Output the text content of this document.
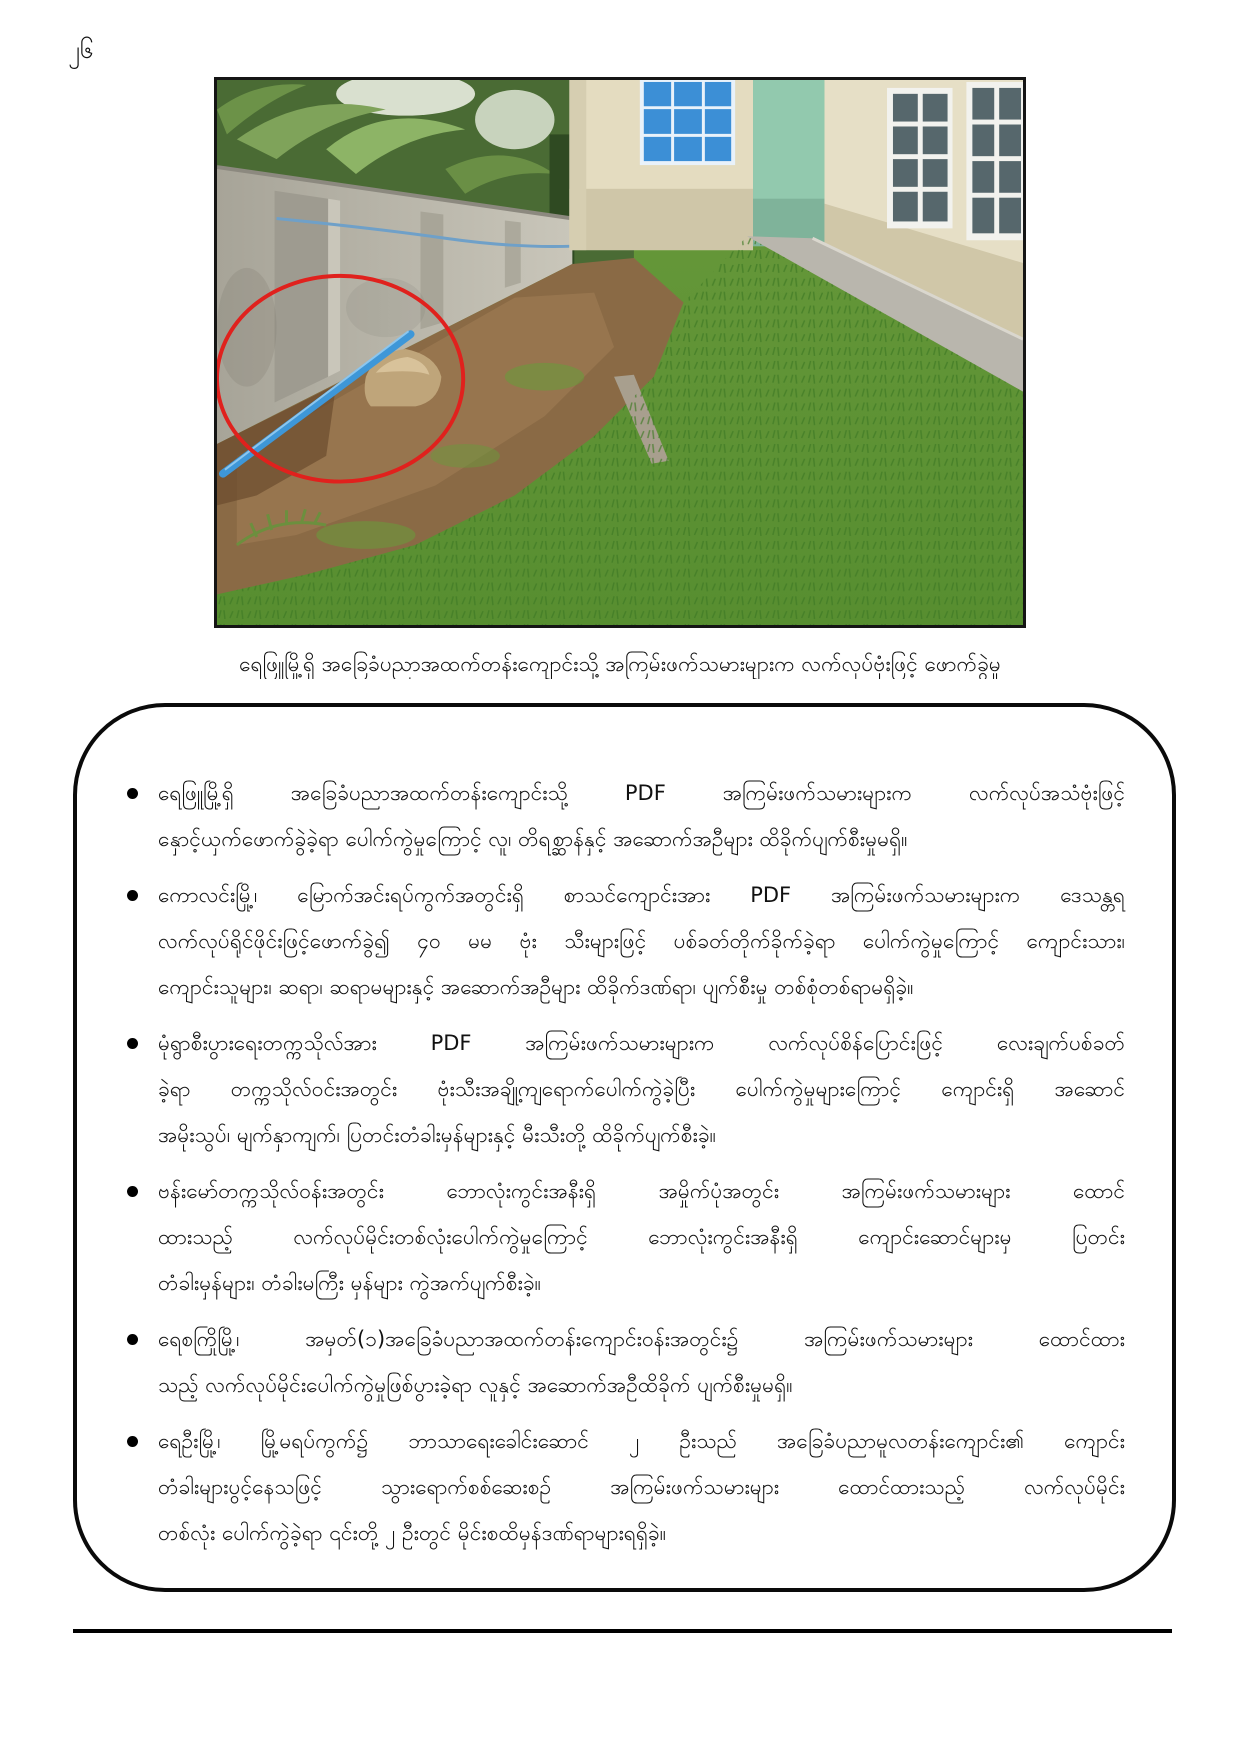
၂၆
ရေဖြူမြို့ရှိ အခြေခံပညာအထက်တန်းကျောင်းသို့ အကြမ်းဖက်သမားများက လက်လုပ်ဗုံးဖြင့် ဖောက်ခွဲမှု
ရေဖြူမြို့ရှိ အခြေခံပညာအထက်တန်းကျောင်းသို့ PDF အကြမ်းဖက်သမားများက လက်လုပ်အသံဗုံးဖြင့်
နှောင့်ယှက်ဖောက်ခွဲခဲ့ရာ ပေါက်ကွဲမှုကြောင့် လူ၊ တိရစ္ဆာန်နှင့် အဆောက်အဦများ ထိခိုက်ပျက်စီးမှုမရှိ။
ကောလင်းမြို့၊ မြောက်အင်းရပ်ကွက်အတွင်းရှိ စာသင်ကျောင်းအား PDF အကြမ်းဖက်သမားများက ဒေသန္တရ
လက်လုပ်ရိုင်ဖိုင်းဖြင့်ဖောက်ခွဲ၍ ၄၀ မမ ဗုံး သီးများဖြင့် ပစ်ခတ်တိုက်ခိုက်ခဲ့ရာ ပေါက်ကွဲမှုကြောင့် ကျောင်းသား၊
ကျောင်းသူများ၊ ဆရာ၊ ဆရာမများနှင့် အဆောက်အဦများ ထိခိုက်ဒဏ်ရာ၊ ပျက်စီးမှု တစ်စုံတစ်ရာမရှိခဲ့။
မုံရွာစီးပွားရေးတက္ကသိုလ်အား PDF အကြမ်းဖက်သမားများက လက်လုပ်စိန်ပြောင်းဖြင့် လေးချက်ပစ်ခတ်
ခဲ့ရာ တက္ကသိုလ်ဝင်းအတွင်း ဗုံးသီးအချို့ကျရောက်ပေါက်ကွဲခဲ့ပြီး ပေါက်ကွဲမှုများကြောင့် ကျောင်းရှိ အဆောင်
အမိုးသွပ်၊ မျက်နှာကျက်၊ ပြတင်းတံခါးမှန်များနှင့် မီးသီးတို့ ထိခိုက်ပျက်စီးခဲ့။
ဗန်းမော်တက္ကသိုလ်ဝန်းအတွင်း ဘောလုံးကွင်းအနီးရှိ အမှိုက်ပုံအတွင်း အကြမ်းဖက်သမားများ ထောင်
ထားသည့် လက်လုပ်မိုင်းတစ်လုံးပေါက်ကွဲမှုကြောင့် ဘောလုံးကွင်းအနီးရှိ ကျောင်းဆောင်များမှ ပြတင်း
တံခါးမှန်များ၊ တံခါးမကြီး မှန်များ ကွဲအက်ပျက်စီးခဲ့။
ရေစကြိုမြို့၊ အမှတ်(၁)အခြေခံပညာအထက်တန်းကျောင်းဝန်းအတွင်း၌ အကြမ်းဖက်သမားများ ထောင်ထား
သည့် လက်လုပ်မိုင်းပေါက်ကွဲမှုဖြစ်ပွားခဲ့ရာ လူနှင့် အဆောက်အဦထိခိုက် ပျက်စီးမှုမရှိ။
ရေဦးမြို့၊ မြို့မရပ်ကွက်၌ ဘာသာရေးခေါင်းဆောင် ၂ ဦးသည် အခြေခံပညာမူလတန်းကျောင်း၏ ကျောင်း
တံခါးများပွင့်နေသဖြင့် သွားရောက်စစ်ဆေးစဉ် အကြမ်းဖက်သမားများ ထောင်ထားသည့် လက်လုပ်မိုင်း
တစ်လုံး ပေါက်ကွဲခဲ့ရာ ၎င်းတို့ ၂ ဦးတွင် မိုင်းစထိမှန်ဒဏ်ရာများရရှိခဲ့။
